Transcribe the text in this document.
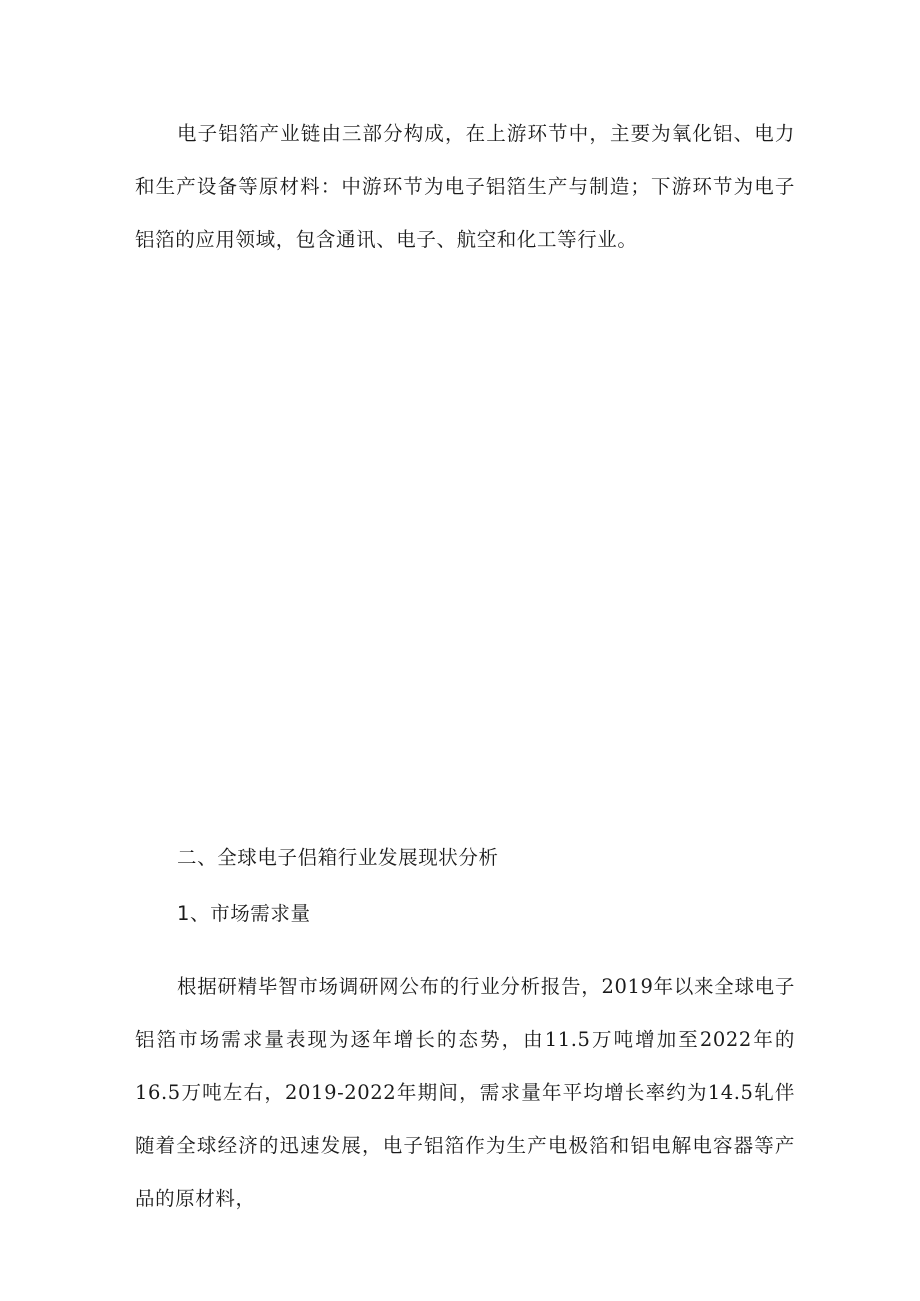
电子铝箔产业链由三部分构成，在上游环节中，主要为氧化铝、电力和生产设备等原材料：中游环节为电子铝箔生产与制造；下游环节为电子铝箔的应用领域，包含通讯、电子、航空和化工等行业。

二、全球电子侣箱行业发展现状分析
1、市场需求量

根据研精毕智市场调研网公布的行业分析报告，2019年以来全球电子铝箔市场需求量表现为逐年增长的态势，由11.5万吨增加至2022年的16.5万吨左右，2019-2022年期间，需求量年平均增长率约为14.5轧伴随着全球经济的迅速发展，电子铝箔作为生产电极箔和铝电解电容器等产品的原材料，
